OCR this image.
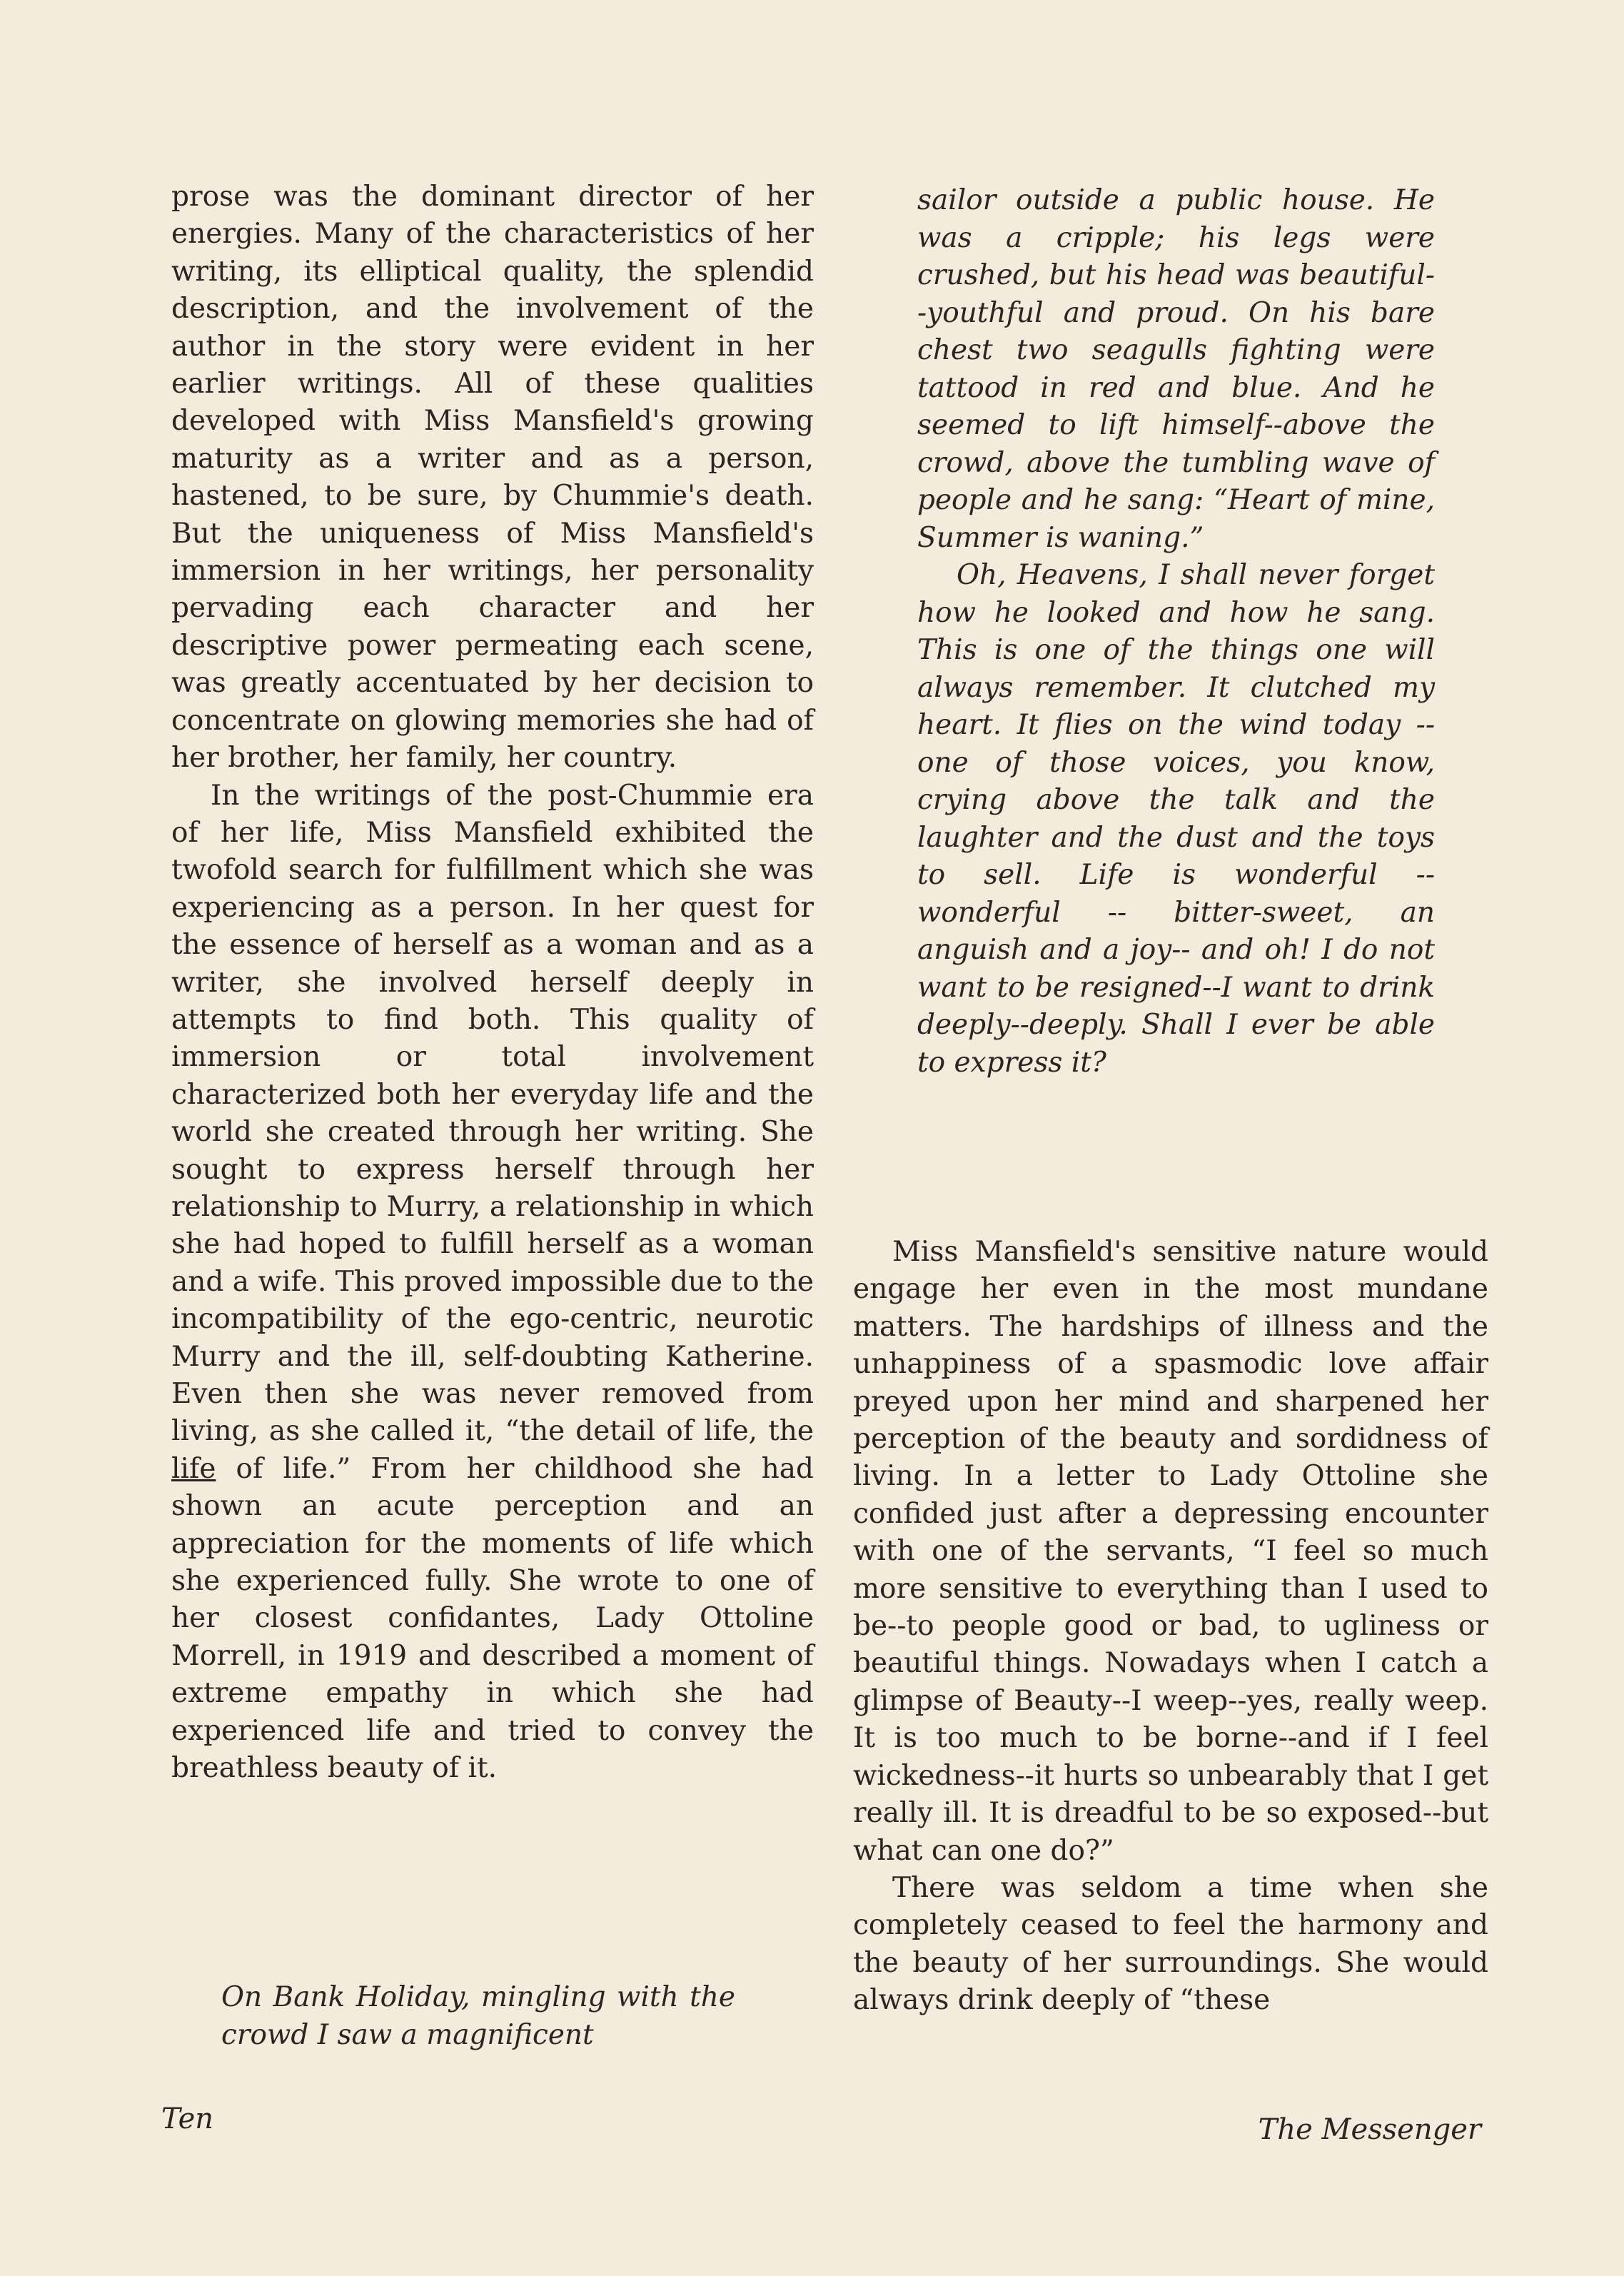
prose was the dominant director of her energies. Many of the characteristics of her writing, its elliptical quality, the splendid description, and the involvement of the author in the story were evident in her earlier writings. All of these qualities developed with Miss Mansfield's growing maturity as a writer and as a person, hastened, to be sure, by Chummie's death. But the uniqueness of Miss Mansfield's immersion in her writings, her personality pervading each character and her descriptive power permeating each scene, was greatly accentuated by her decision to concentrate on glowing memories she had of her brother, her family, her country.

In the writings of the post-Chummie era of her life, Miss Mansfield exhibited the twofold search for fulfillment which she was experiencing as a person. In her quest for the essence of herself as a woman and as a writer, she involved herself deeply in attempts to find both. This quality of immersion or total involvement characterized both her everyday life and the world she created through her writing. She sought to express herself through her relationship to Murry, a relationship in which she had hoped to fulfill herself as a woman and a wife. This proved impossible due to the incompatibility of the ego-centric, neurotic Murry and the ill, self-doubting Katherine. Even then she was never removed from living, as she called it, “the detail of life, the life of life.” From her childhood she had shown an acute perception and an appreciation for the moments of life which she experienced fully. She wrote to one of her closest confidantes, Lady Ottoline Morrell, in 1919 and described a moment of extreme empathy in which she had experienced life and tried to convey the breathless beauty of it.

On Bank Holiday, mingling with the crowd I saw a magnificent

sailor outside a public house. He was a cripple; his legs were crushed, but his head was beautiful--youthful and proud. On his bare chest two seagulls fighting were tattood in red and blue. And he seemed to lift himself--above the crowd, above the tumbling wave of people and he sang: “Heart of mine, Summer is waning.”

Oh, Heavens, I shall never forget how he looked and how he sang. This is one of the things one will always remember. It clutched my heart. It flies on the wind today -- one of those voices, you know, crying above the talk and the laughter and the dust and the toys to sell. Life is wonderful -- wonderful -- bitter-sweet, an anguish and a joy-- and oh! I do not want to be resigned--I want to drink deeply--deeply. Shall I ever be able to express it?

Miss Mansfield's sensitive nature would engage her even in the most mundane matters. The hardships of illness and the unhappiness of a spasmodic love affair preyed upon her mind and sharpened her perception of the beauty and sordidness of living. In a letter to Lady Ottoline she confided just after a depressing encounter with one of the servants, “I feel so much more sensitive to everything than I used to be--to people good or bad, to ugliness or beautiful things. Nowadays when I catch a glimpse of Beauty--I weep--yes, really weep. It is too much to be borne--and if I feel wickedness--it hurts so unbearably that I get really ill. It is dreadful to be so exposed--but what can one do?”

There was seldom a time when she completely ceased to feel the harmony and the beauty of her surroundings. She would always drink deeply of “these

Ten	The Messenger
